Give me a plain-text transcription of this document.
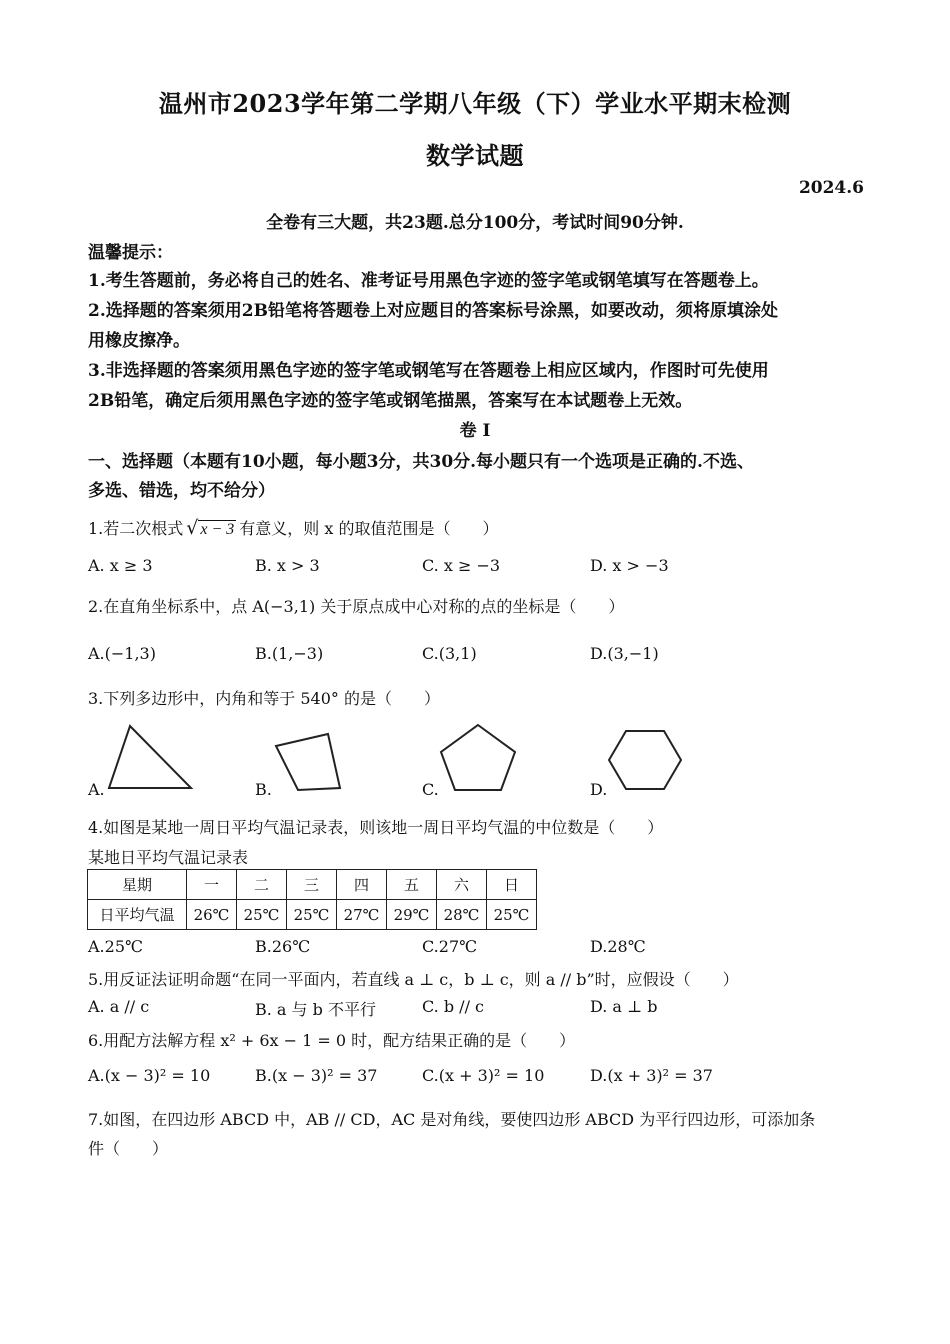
温州市2023学年第二学期八年级（下）学业水平期末检测
数学试题
2024.6
全卷有三大题，共23题.总分100分，考试时间90分钟.
温馨提示：
1.考生答题前，务必将自己的姓名、准考证号用黑色字迹的签字笔或钢笔填写在答题卷上。
2.选择题的答案须用2B铅笔将答题卷上对应题目的答案标号涂黑，如要改动，须将原填涂处
用橡皮擦净。
3.非选择题的答案须用黑色字迹的签字笔或钢笔写在答题卷上相应区域内，作图时可先使用
2B铅笔，确定后须用黑色字迹的签字笔或钢笔描黑，答案写在本试题卷上无效。
卷 I
一、选择题（本题有10小题，每小题3分，共30分.每小题只有一个选项是正确的.不选、
多选、错选，均不给分）
1.若二次根式 √ x − 3 有意义，则 x 的取值范围是（　　）
A. x ≥ 3	B. x > 3	C. x ≥ −3	D. x > −3
2.在直角坐标系中，点 A(−3,1) 关于原点成中心对称的点的坐标是（　　）
A.(−1,3)	B.(1,−3)	C.(3,1)	D.(3,−1)
3.下列多边形中，内角和等于 540° 的是（　　）
A.	B.	C.	D.
4.如图是某地一周日平均气温记录表，则该地一周日平均气温的中位数是（　　）
某地日平均气温记录表
星期	一	二	三	四	五	六	日
日平均气温	26℃	25℃	25℃	27℃	29℃	28℃	25℃
A.25℃	B.26℃	C.27℃	D.28℃
5.用反证法证明命题“在同一平面内，若直线 a ⊥ c，b ⊥ c，则 a // b”时，应假设（　　）
A. a // c	B. a 与 b 不平行	C. b // c	D. a ⊥ b
6.用配方法解方程 x² + 6x − 1 = 0 时，配方结果正确的是（　　）
A.(x − 3)² = 10	B.(x − 3)² = 37	C.(x + 3)² = 10	D.(x + 3)² = 37
7.如图，在四边形 ABCD 中，AB // CD，AC 是对角线，要使四边形 ABCD 为平行四边形，可添加条
件（　　）
